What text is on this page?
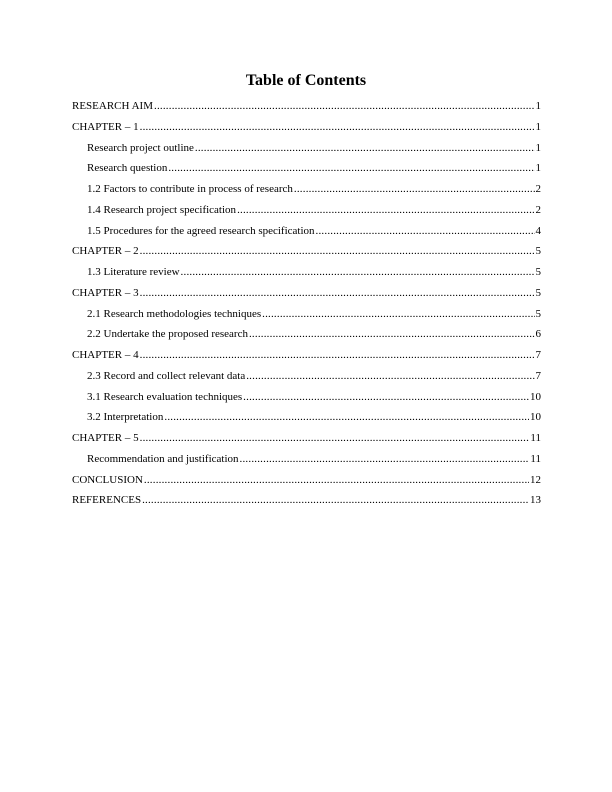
Table of Contents
RESEARCH AIM .....	1
CHAPTER – 1 .....	1
Research project outline .....	1
Research question .....	1
1.2 Factors to contribute in process of research .....	2
1.4 Research project specification .....	2
1.5 Procedures for the agreed research specification .....	4
CHAPTER – 2 .....	5
1.3 Literature review .....	5
CHAPTER – 3 .....	5
2.1 Research methodologies techniques .....	5
2.2 Undertake the proposed research .....	6
CHAPTER – 4 .....	7
2.3 Record and collect relevant data .....	7
3.1 Research evaluation techniques .....	10
3.2 Interpretation .....	10
CHAPTER – 5 .....	11
Recommendation and justification .....	11
CONCLUSION .....	12
REFERENCES .....	13
